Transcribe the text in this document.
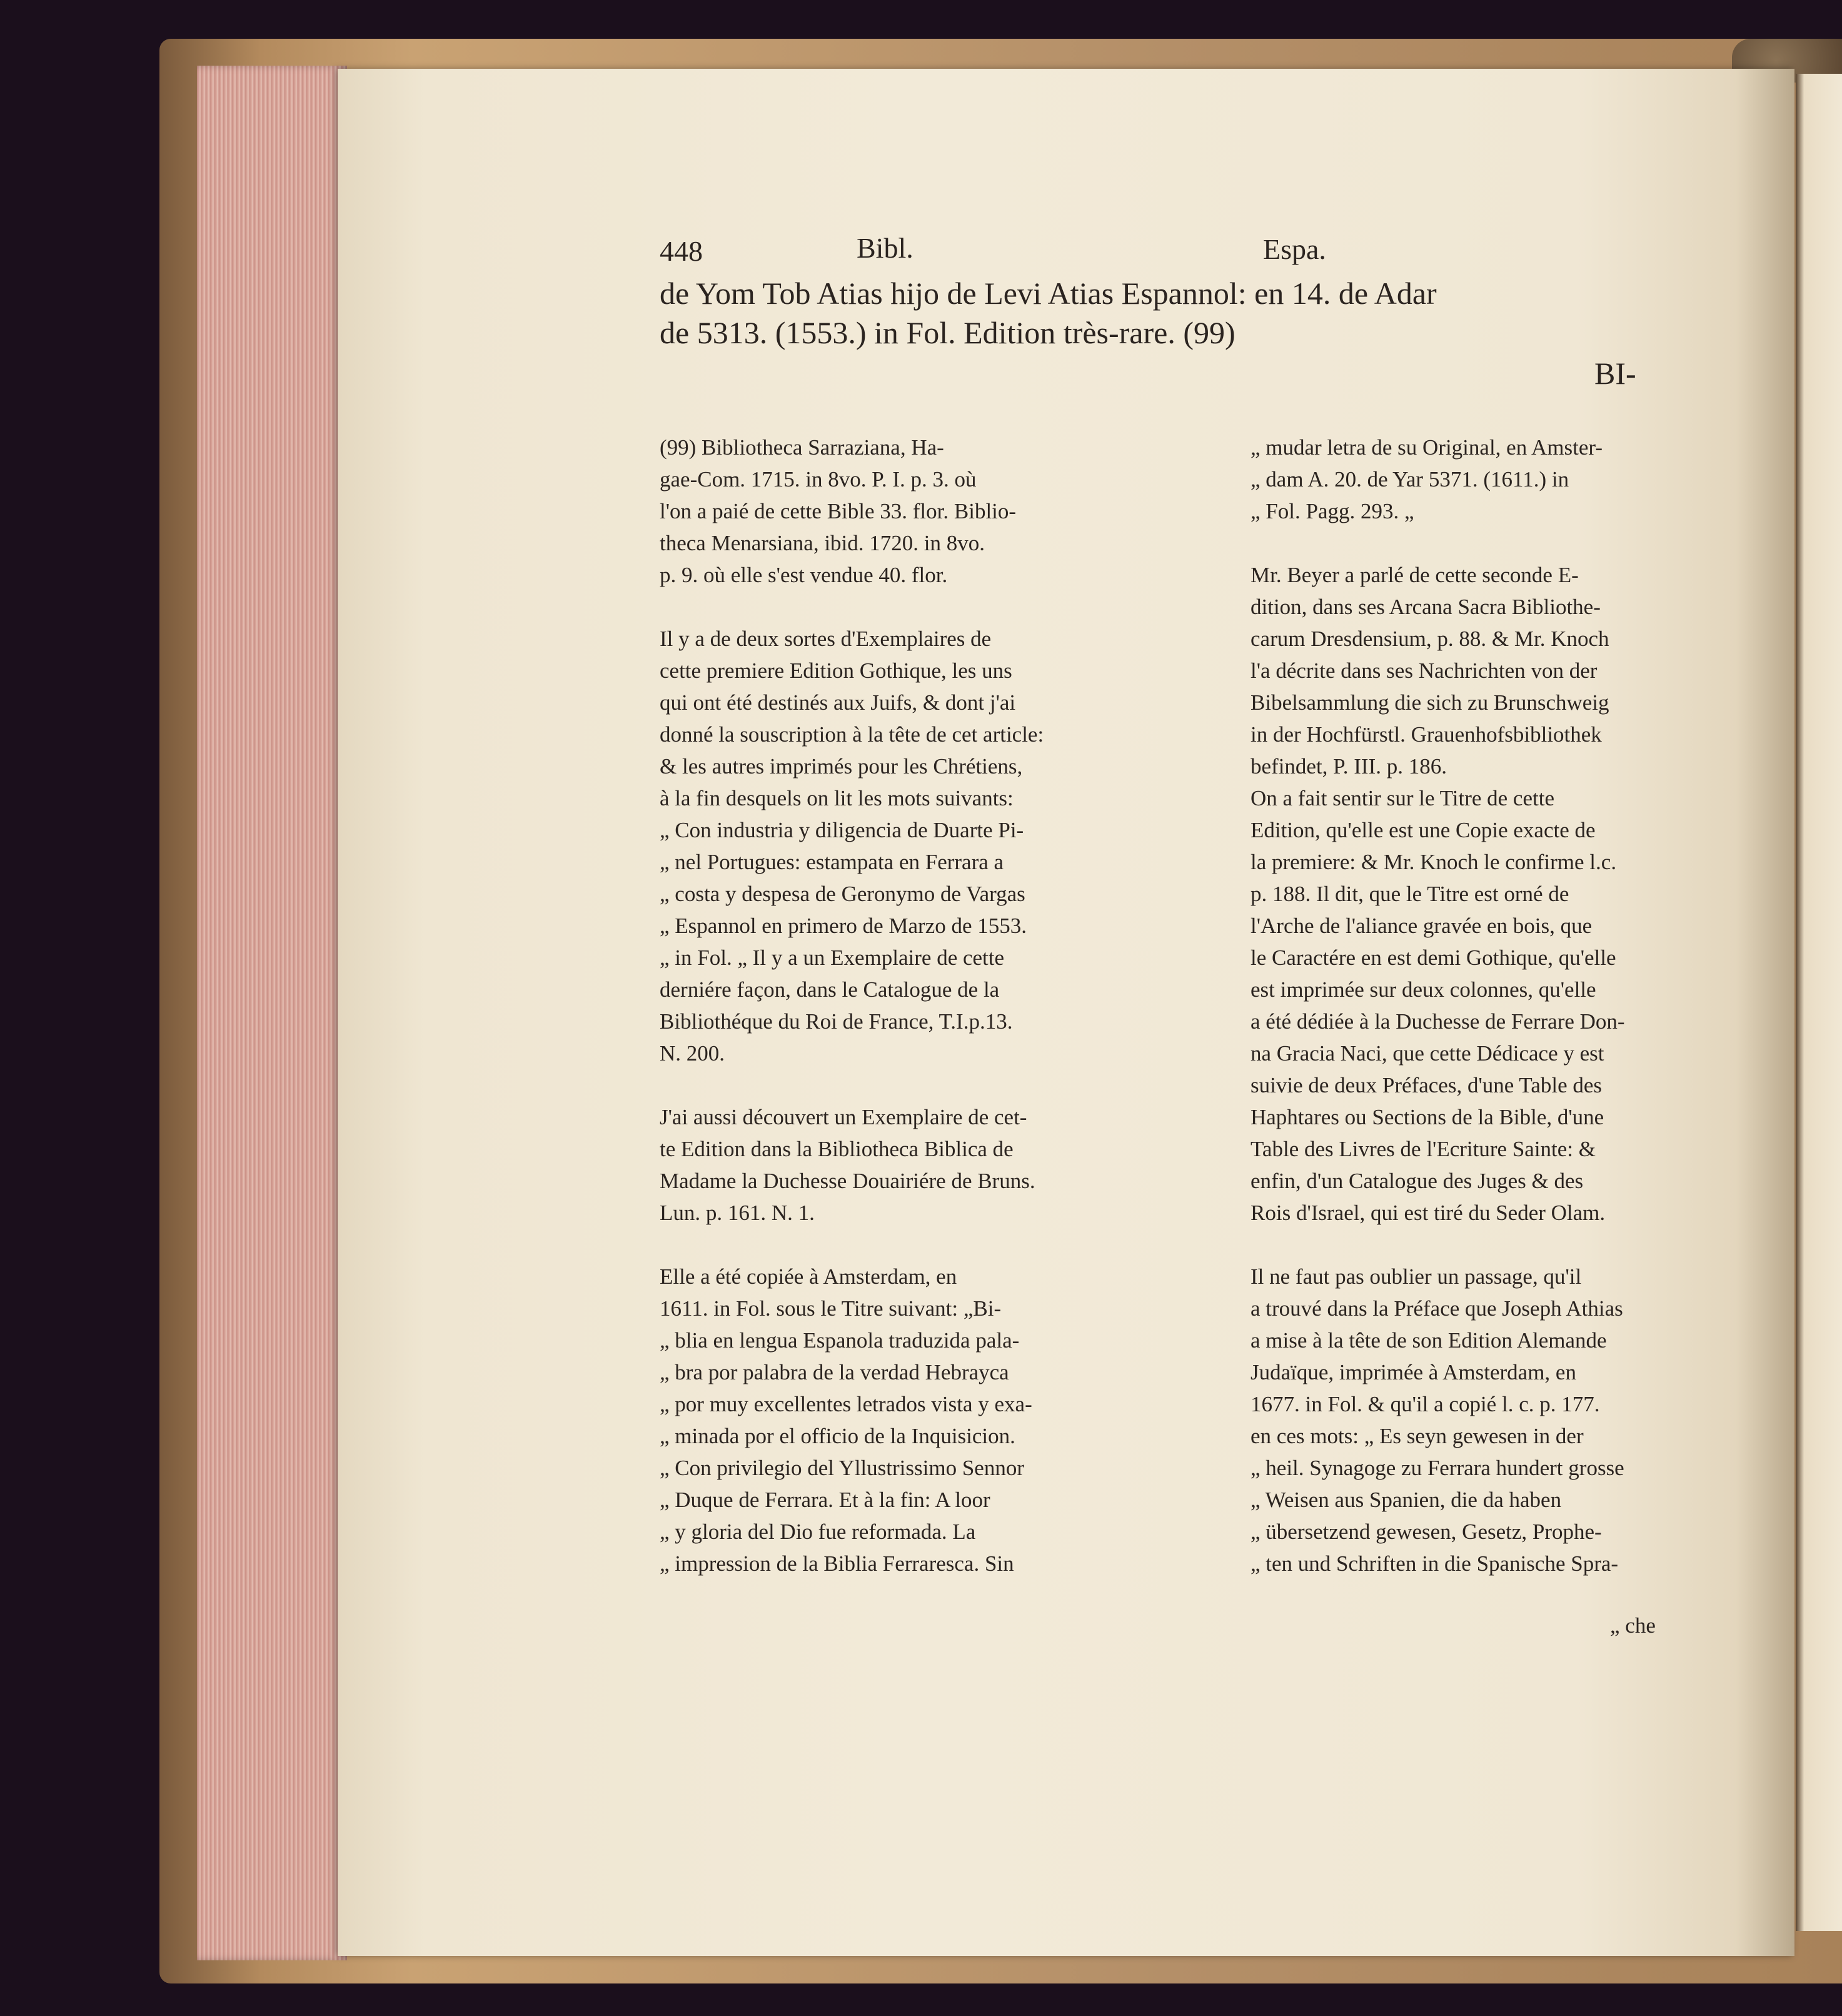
448	Bibl.	Espa.
de Yom Tob Atias hijo de Levi Atias Espannol: en 14. de Adar
de 5313. (1553.) in Fol. Edition très-rare. (99)
BI-
(99) Bibliotheca Sarraziana, Ha-
gae-Com. 1715. in 8vo. P. I. p. 3. où
l'on a paié de cette Bible 33. flor. Biblio-
theca Menarsiana, ibid. 1720. in 8vo.
p. 9. où elle s'est vendue 40. flor.
Il y a de deux sortes d'Exemplaires de
cette premiere Edition Gothique, les uns
qui ont été destinés aux Juifs, & dont j'ai
donné la souscription à la tête de cet article:
& les autres imprimés pour les Chrétiens,
à la fin desquels on lit les mots suivants:
„ Con industria y diligencia de Duarte Pi-
„ nel Portugues: estampata en Ferrara a
„ costa y despesa de Geronymo de Vargas
„ Espannol en primero de Marzo de 1553.
„ in Fol. „ Il y a un Exemplaire de cette
derniére façon, dans le Catalogue de la
Bibliothéque du Roi de France, T.I.p.13.
N. 200.
J'ai aussi découvert un Exemplaire de cet-
te Edition dans la Bibliotheca Biblica de
Madame la Duchesse Douairiére de Bruns.
Lun. p. 161. N. 1.
Elle a été copiée à Amsterdam, en
1611. in Fol. sous le Titre suivant: „Bi-
„ blia en lengua Espanola traduzida pala-
„ bra por palabra de la verdad Hebrayca
„ por muy excellentes letrados vista y exa-
„ minada por el officio de la Inquisicion.
„ Con privilegio del Yllustrissimo Sennor
„ Duque de Ferrara. Et à la fin: A loor
„ y gloria del Dio fue reformada. La
„ impression de la Biblia Ferraresca. Sin
„ mudar letra de su Original, en Amster-
„ dam A. 20. de Yar 5371. (1611.) in
„ Fol. Pagg. 293. „
Mr. Beyer a parlé de cette seconde E-
dition, dans ses Arcana Sacra Bibliothe-
carum Dresdensium, p. 88. & Mr. Knoch
l'a décrite dans ses Nachrichten von der
Bibelsammlung die sich zu Brunschweig
in der Hochfürstl. Grauenhofsbibliothek
befindet, P. III. p. 186.
On a fait sentir sur le Titre de cette
Edition, qu'elle est une Copie exacte de
la premiere: & Mr. Knoch le confirme l.c.
p. 188. Il dit, que le Titre est orné de
l'Arche de l'aliance gravée en bois, que
le Caractére en est demi Gothique, qu'elle
est imprimée sur deux colonnes, qu'elle
a été dédiée à la Duchesse de Ferrare Don-
na Gracia Naci, que cette Dédicace y est
suivie de deux Préfaces, d'une Table des
Haphtares ou Sections de la Bible, d'une
Table des Livres de l'Ecriture Sainte: &
enfin, d'un Catalogue des Juges & des
Rois d'Israel, qui est tiré du Seder Olam.
Il ne faut pas oublier un passage, qu'il
a trouvé dans la Préface que Joseph Athias
a mise à la tête de son Edition Alemande
Judaïque, imprimée à Amsterdam, en
1677. in Fol. & qu'il a copié l. c. p. 177.
en ces mots: „ Es seyn gewesen in der
„ heil. Synagoge zu Ferrara hundert grosse
„ Weisen aus Spanien, die da haben
„ übersetzend gewesen, Gesetz, Prophe-
„ ten und Schriften in die Spanische Spra-
„ che
